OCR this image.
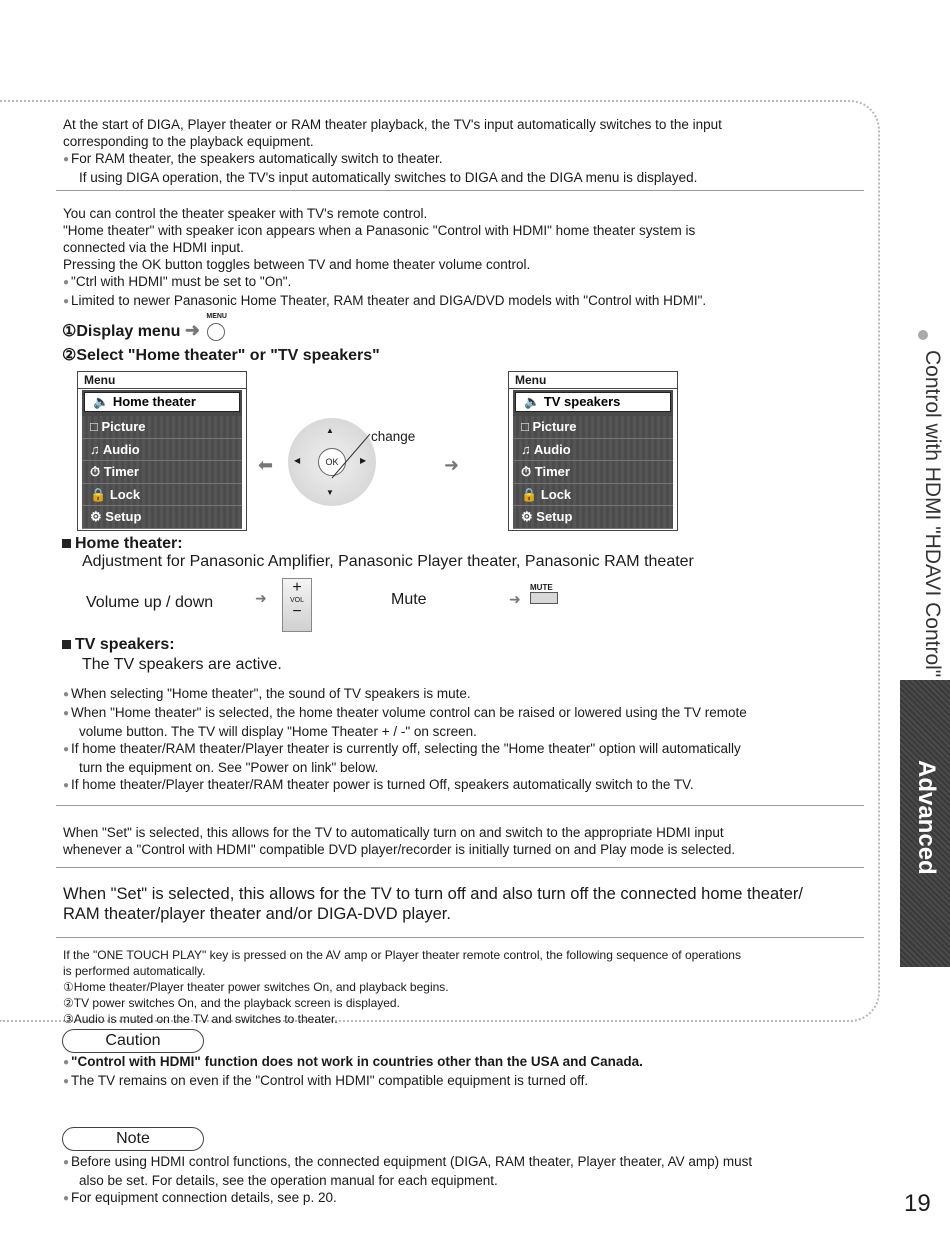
At the start of DIGA, Player theater or RAM theater playback, the TV's input automatically switches to the input

corresponding to the playback equipment.

● For RAM theater, the speakers automatically switch to theater.

If using DIGA operation, the TV's input automatically switches to DIGA and the DIGA menu is displayed.

You can control the theater speaker with TV's remote control.

"Home theater" with speaker icon appears when a Panasonic "Control with HDMI" home theater system is

connected via the HDMI input.

Pressing the OK button toggles between TV and home theater volume control.

● "Ctrl with HDMI" must be set to "On".

● Limited to newer Panasonic Home Theater, RAM theater and DIGA/DVD models with "Control with HDMI".

①Display menu ➜
MENU
②Select "Home theater" or "TV speakers"
Menu
🔈 Home theater
□ Picture
♫ Audio
⏱ Timer
🔒 Lock
⚙ Setup
⬅	OK
▲
▼
◀	▶
change
➜
Menu
🔈 TV speakers
□ Picture
♫ Audio
⏱ Timer
🔒 Lock
⚙ Setup
Home theater:
Adjustment for Panasonic Amplifier, Panasonic Player theater, Panasonic RAM theater
Volume up / down	➜
+
VOL
−
Mute	➜
MUTE
TV speakers:
The TV speakers are active.

● When selecting "Home theater", the sound of TV speakers is mute.

● When "Home theater" is selected, the home theater volume control can be raised or lowered using the TV remote

volume button. The TV will display "Home Theater + / -" on screen.

● If home theater/RAM theater/Player theater is currently off, selecting the "Home theater" option will automatically

turn the equipment on. See "Power on link" below.

● If home theater/Player theater/RAM theater power is turned Off, speakers automatically switch to the TV.

When "Set" is selected, this allows for the TV to automatically turn on and switch to the appropriate HDMI input

whenever a "Control with HDMI" compatible DVD player/recorder is initially turned on and Play mode is selected.

When "Set" is selected, this allows for the TV to turn off and also turn off the connected home theater/

RAM theater/player theater and/or DIGA-DVD player.

If the "ONE TOUCH PLAY" key is pressed on the AV amp or Player theater remote control, the following sequence of operations

is performed automatically.

①Home theater/Player theater power switches On, and playback begins.

②TV power switches On, and the playback screen is displayed.

③Audio is muted on the TV and switches to theater.

Caution

● "Control with HDMI" function does not work in countries other than the USA and Canada.

● The TV remains on even if the "Control with HDMI" compatible equipment is turned off.

Note

● Before using HDMI control functions, the connected equipment (DIGA, RAM theater, Player theater, AV amp) must

also be set. For details, see the operation manual for each equipment.

● For equipment connection details, see p. 20.

Control with HDMI "HDAVI Control"
Advanced
19
